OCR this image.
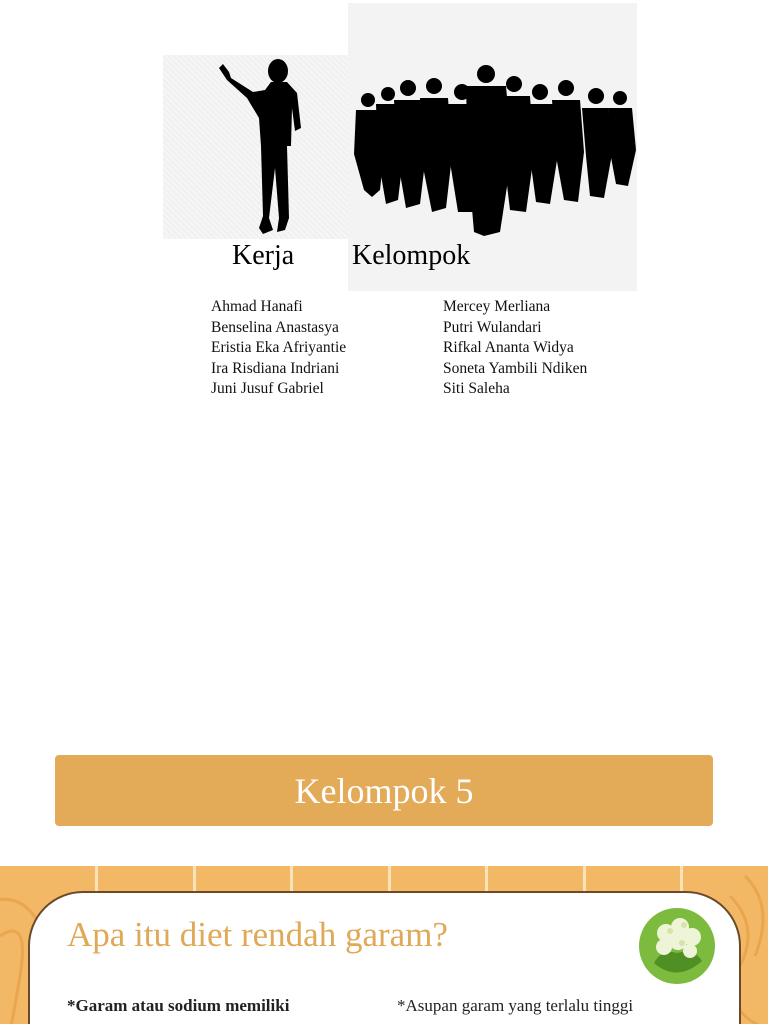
Kerja Kelompok
Ahmad Hanafi
Benselina Anastasya
Eristia Eka Afriyantie
Ira Risdiana Indriani
Juni Jusuf Gabriel
Mercey Merliana
Putri Wulandari
Rifkal Ananta Widya
Soneta Yambili Ndiken
Siti Saleha
Kelompok 5
Apa itu diet rendah garam?
*Garam atau sodium memiliki	*Asupan garam yang terlalu tinggi
